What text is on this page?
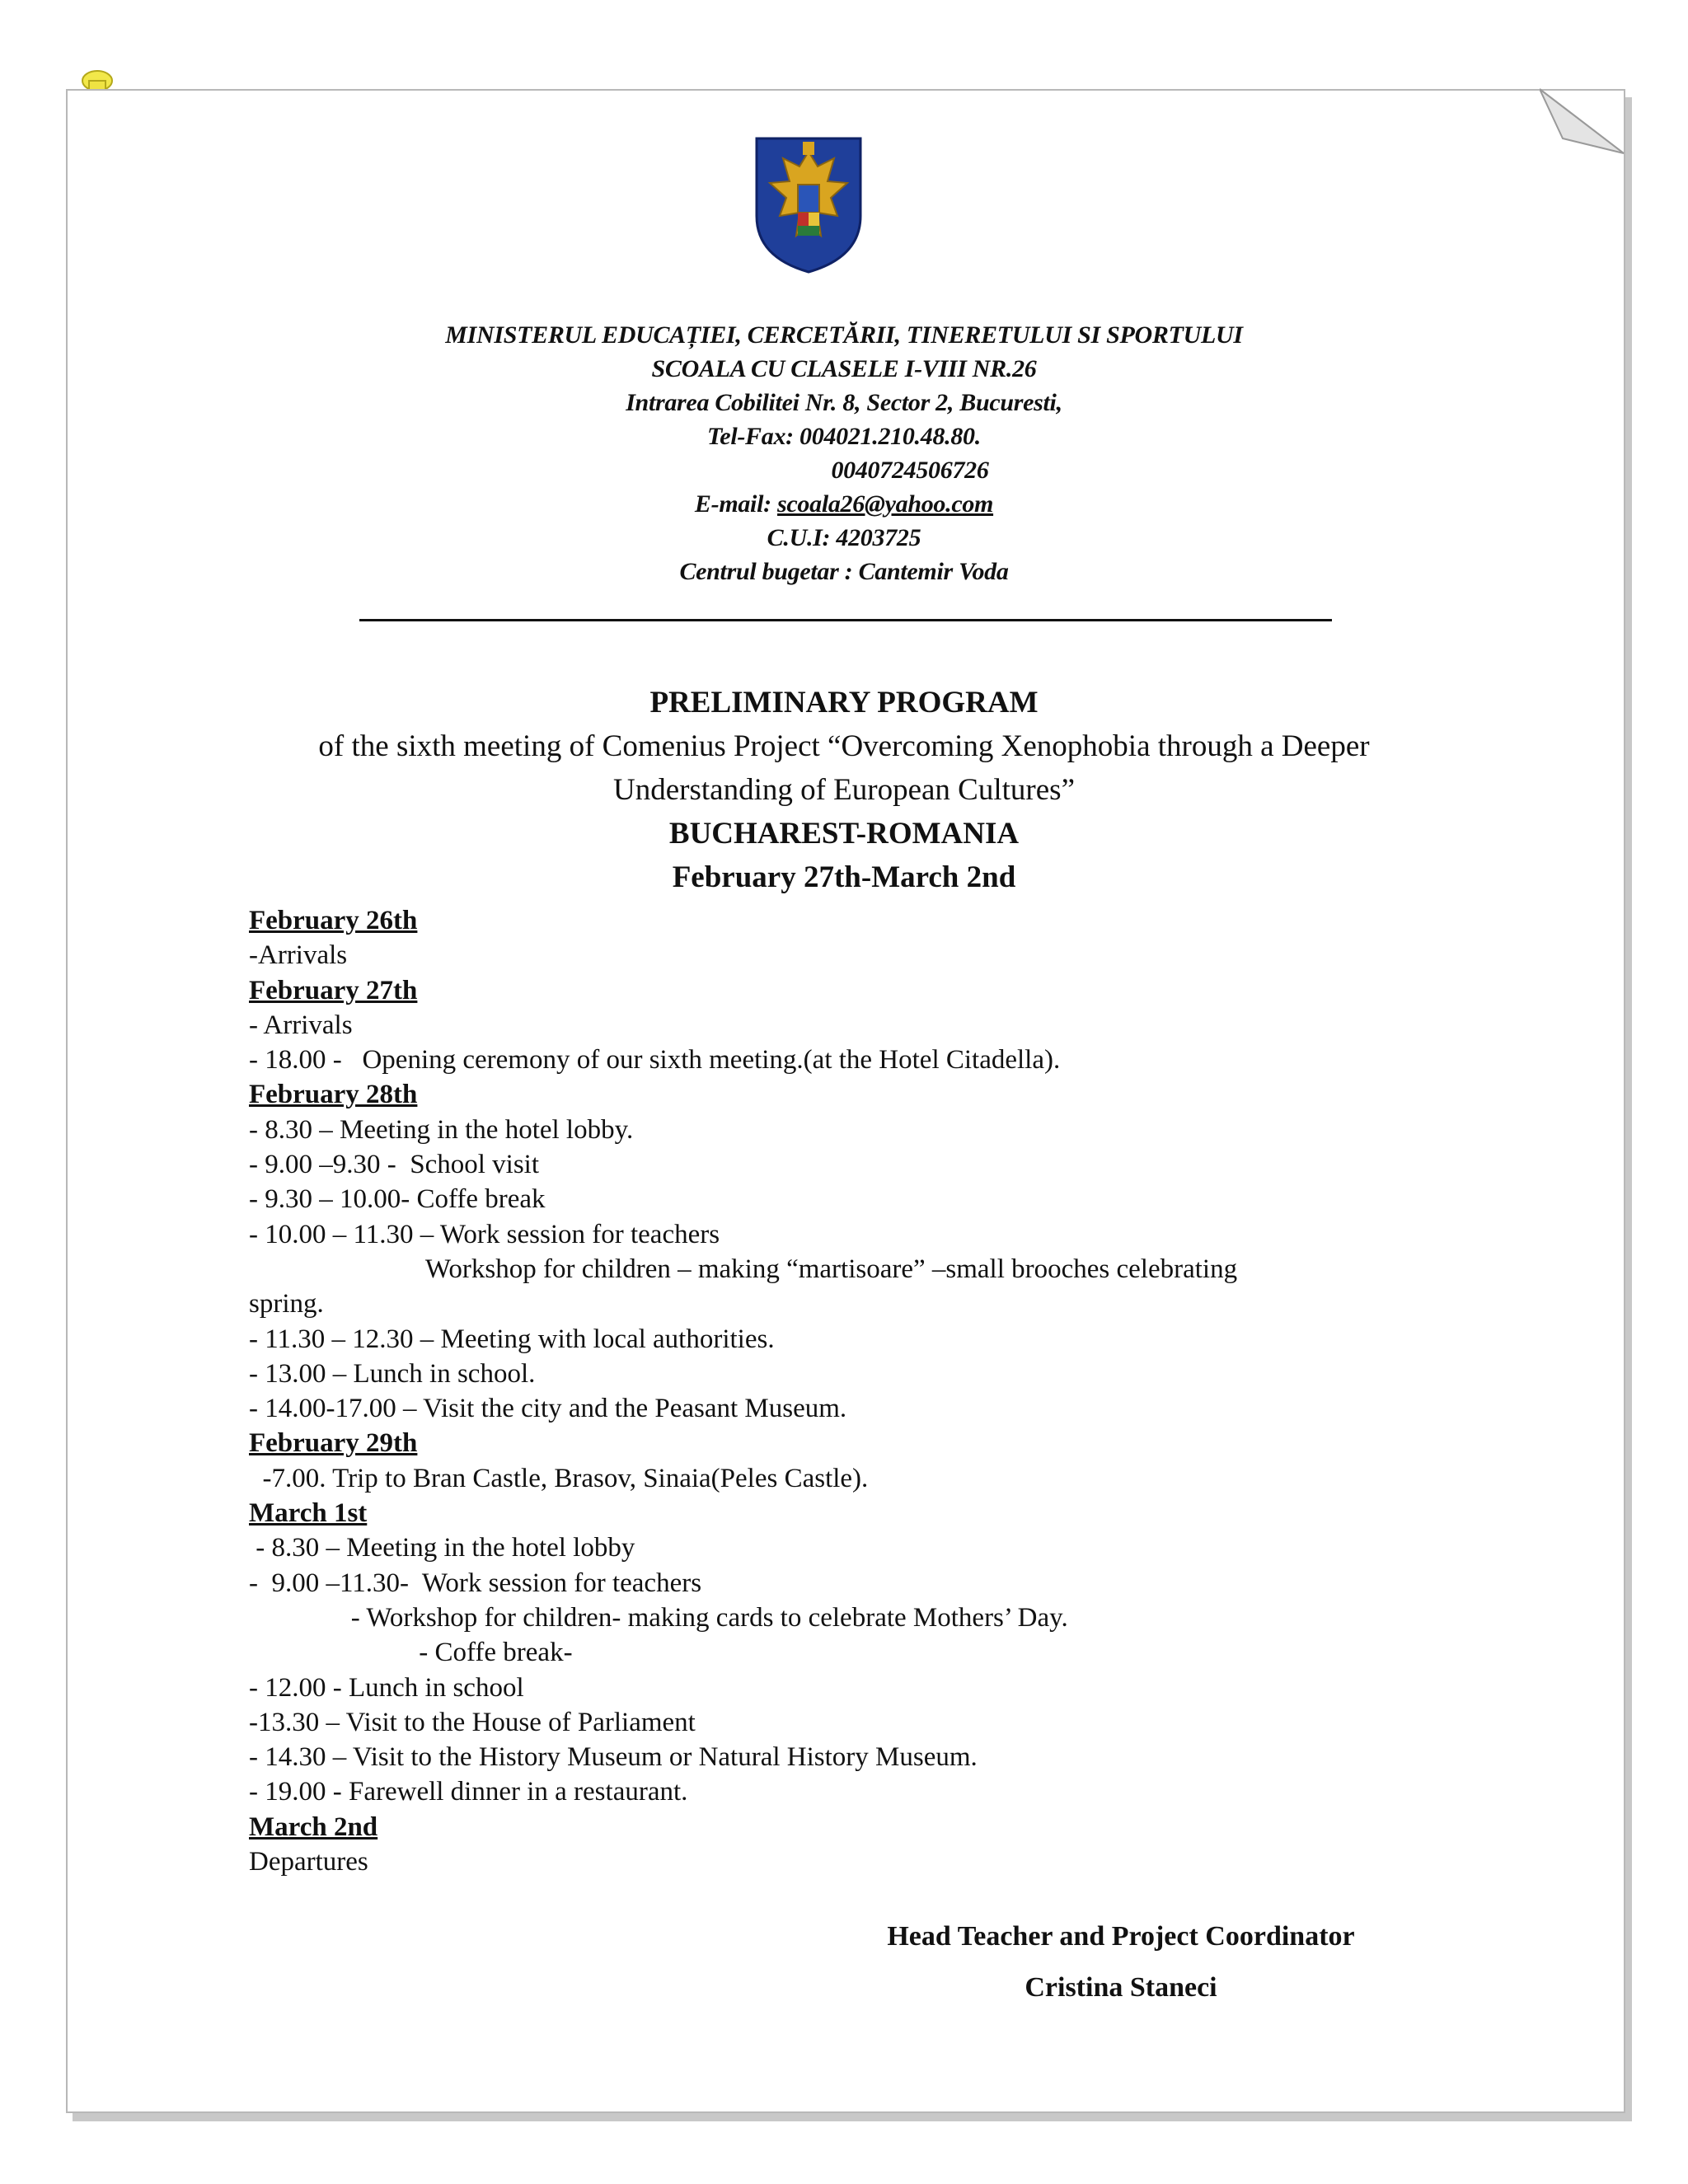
MINISTERUL EDUCAȚIEI, CERCETĂRII, TINERETULUI SI SPORTULUI
SCOALA CU CLASELE I-VIII NR.26
Intrarea Cobilitei Nr. 8, Sector 2, Bucuresti,
Tel-Fax: 004021.210.48.80.
0040724506726
E-mail: scoala26@yahoo.com
C.U.I: 4203725
Centrul bugetar : Cantemir Voda
PRELIMINARY PROGRAM
of the sixth meeting of Comenius Project “Overcoming Xenophobia through a Deeper
Understanding of European Cultures”
BUCHAREST-ROMANIA
February 27th-March 2nd
February 26th
-Arrivals
February 27th
- Arrivals
- 18.00 -   Opening ceremony of our sixth meeting.(at the Hotel Citadella).
February 28th
- 8.30 – Meeting in the hotel lobby.
- 9.00 –9.30 -  School visit
- 9.30 – 10.00- Coffe break
- 10.00 – 11.30 – Work session for teachers
Workshop for children – making “martisoare” –small brooches celebrating
spring.
- 11.30 – 12.30 – Meeting with local authorities.
- 13.00 – Lunch in school.
- 14.00-17.00 – Visit the city and the Peasant Museum.
February 29th
-7.00. Trip to Bran Castle, Brasov, Sinaia(Peles Castle).
March 1st
- 8.30 – Meeting in the hotel lobby
-  9.00 –11.30-  Work session for teachers
- Workshop for children- making cards to celebrate Mothers’ Day.
- Coffe break-
- 12.00 - Lunch in school
-13.30 – Visit to the House of Parliament
- 14.30 – Visit to the History Museum or Natural History Museum.
- 19.00 - Farewell dinner in a restaurant.
March 2nd
Departures
Head Teacher and Project Coordinator
Cristina Staneci
